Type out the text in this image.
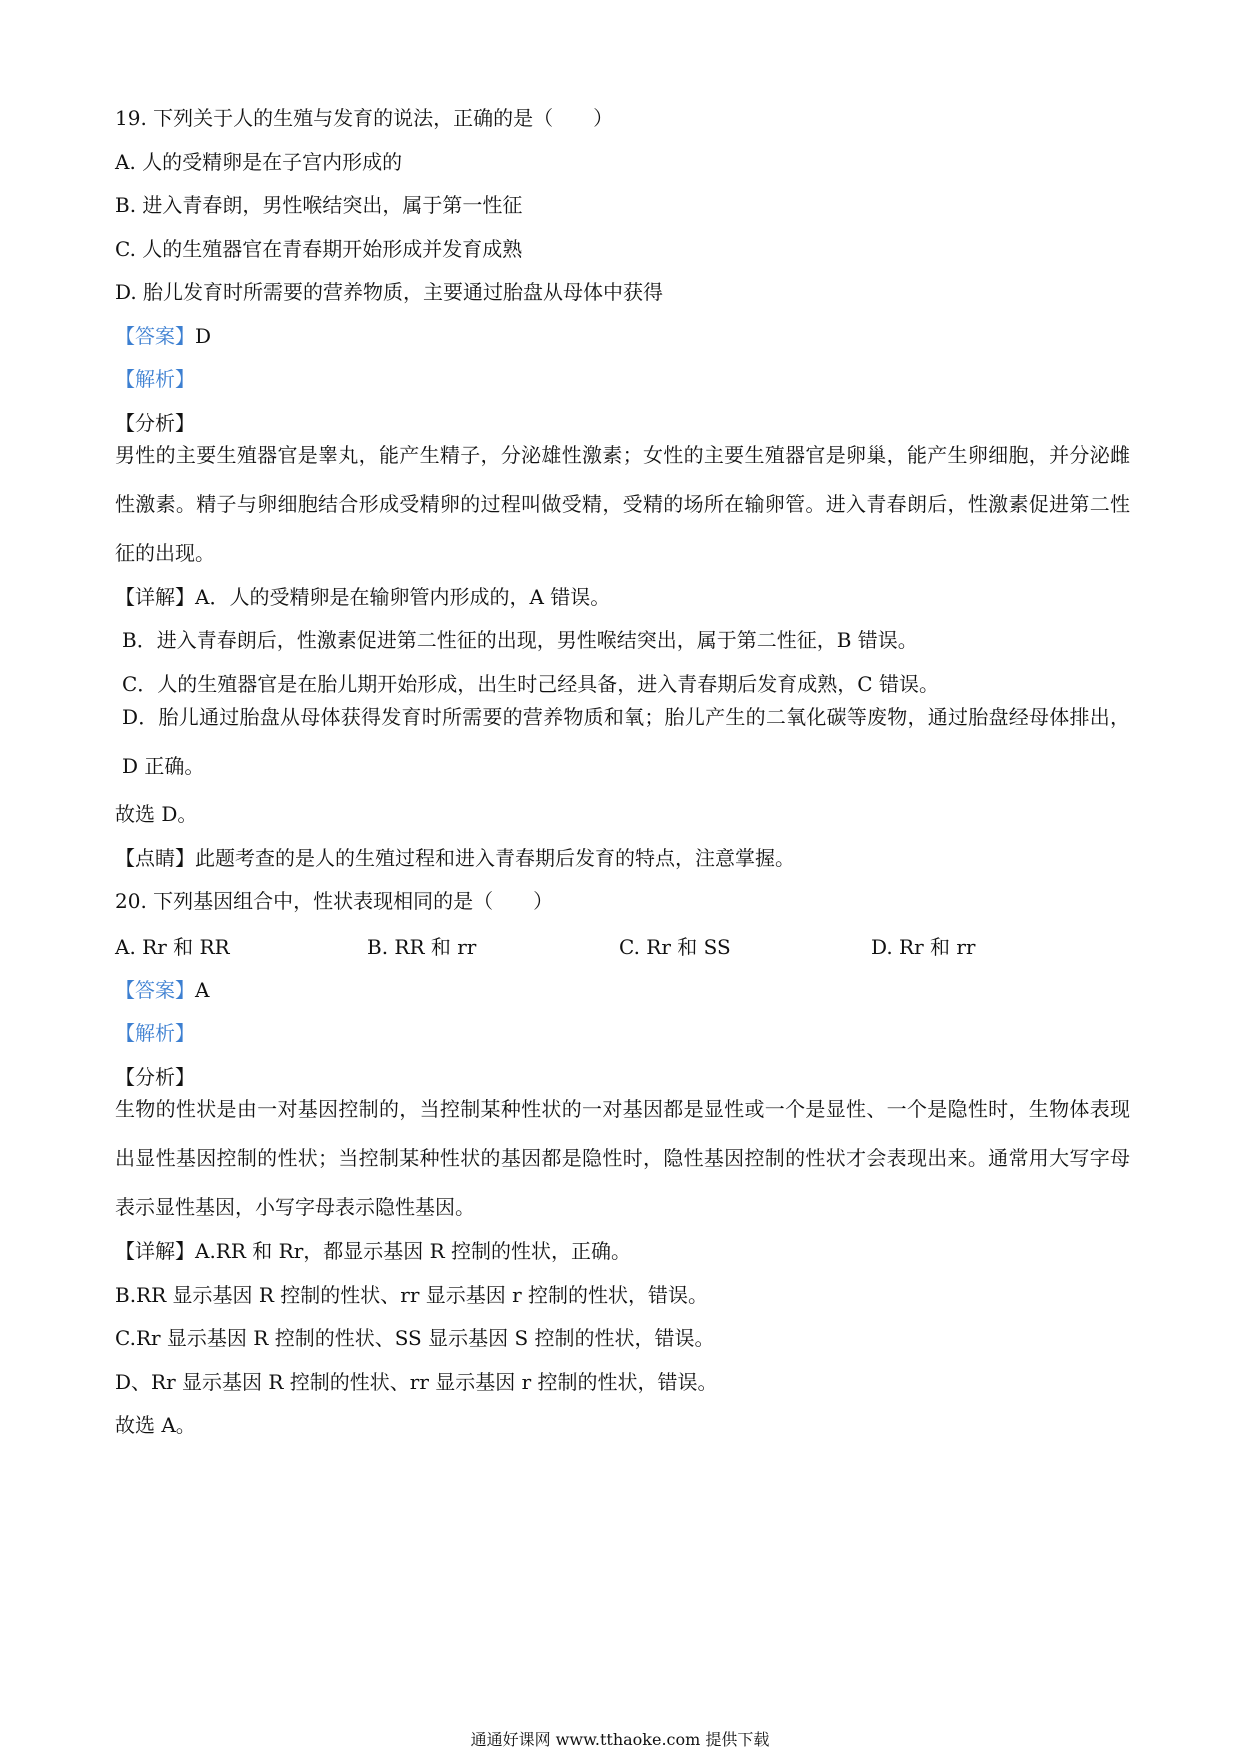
19. 下列关于人的生殖与发育的说法，正确的是（　　）
A. 人的受精卵是在子宫内形成的
B. 进入青春朗，男性喉结突出，属于第一性征
C. 人的生殖器官在青春期开始形成并发育成熟
D. 胎儿发育时所需要的营养物质，主要通过胎盘从母体中获得
【答案】D
【解析】
【分析】
男性的主要生殖器官是睾丸，能产生精子，分泌雄性激素；女性的主要生殖器官是卵巢，能产生卵细胞，并分泌雌性激素。精子与卵细胞结合形成受精卵的过程叫做受精，受精的场所在输卵管。进入青春朗后，性激素促进第二性征的出现。
【详解】A．人的受精卵是在输卵管内形成的，A 错误。
B．进入青春朗后，性激素促进第二性征的出现，男性喉结突出，属于第二性征，B 错误。
C．人的生殖器官是在胎儿期开始形成，出生时己经具备，进入青春期后发育成熟，C 错误。
D．胎儿通过胎盘从母体获得发育时所需要的营养物质和氧；胎儿产生的二氧化碳等废物，通过胎盘经母体排出，D 正确。
故选 D。
【点睛】此题考查的是人的生殖过程和进入青春期后发育的特点，注意掌握。
20. 下列基因组合中，性状表现相同的是（　　）
A. Rr 和 RR	B. RR 和 rr	C. Rr 和 SS	D. Rr 和 rr
【答案】A
【解析】
【分析】
生物的性状是由一对基因控制的，当控制某种性状的一对基因都是显性或一个是显性、一个是隐性时，生物体表现出显性基因控制的性状；当控制某种性状的基因都是隐性时，隐性基因控制的性状才会表现出来。通常用大写字母表示显性基因，小写字母表示隐性基因。
【详解】A.RR 和 Rr，都显示基因 R 控制的性状，正确。
B.RR 显示基因 R 控制的性状、rr 显示基因 r 控制的性状，错误。
C.Rr 显示基因 R 控制的性状、SS 显示基因 S 控制的性状，错误。
D、Rr 显示基因 R 控制的性状、rr 显示基因 r 控制的性状，错误。
故选 A。
通通好课网 www.tthaoke.com 提供下载
